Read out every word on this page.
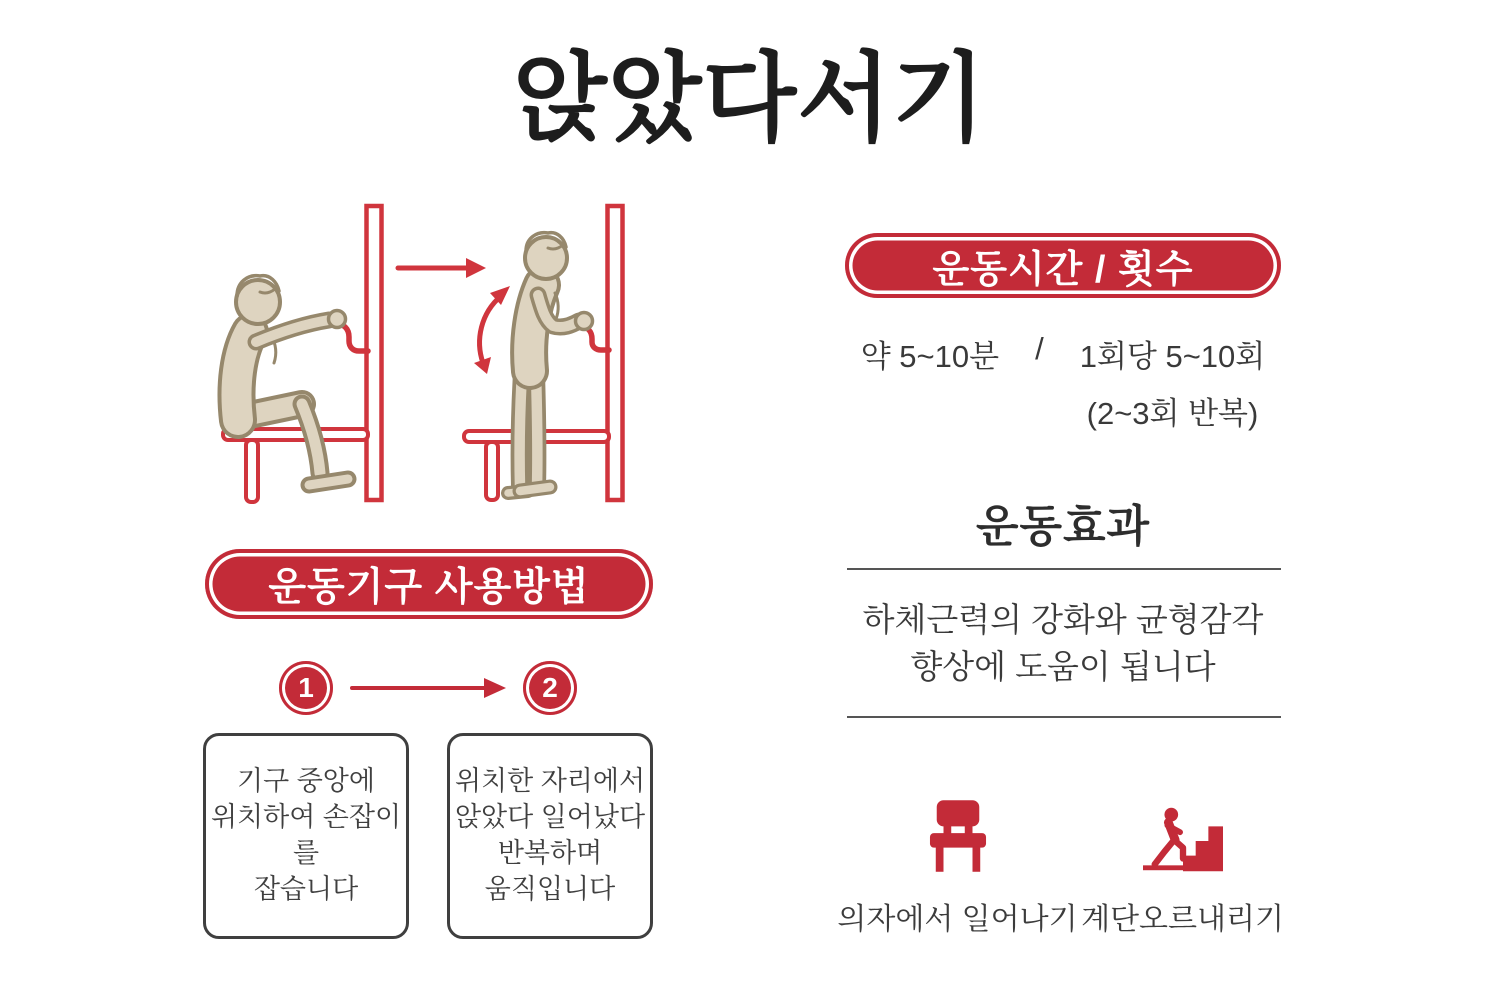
앉았다서기
운동기구 사용방법
1	2
기구 중앙에
위치하여 손잡이를
잡습니다
위치한 자리에서
앉았다 일어났다
반복하며
움직입니다
운동시간 / 횟수
약 5~10분 / 1회당 5~10회
(2~3회 반복)
운동효과
하체근력의 강화와 균형감각
향상에 도움이 됩니다
의자에서 일어나기 계단오르내리기
